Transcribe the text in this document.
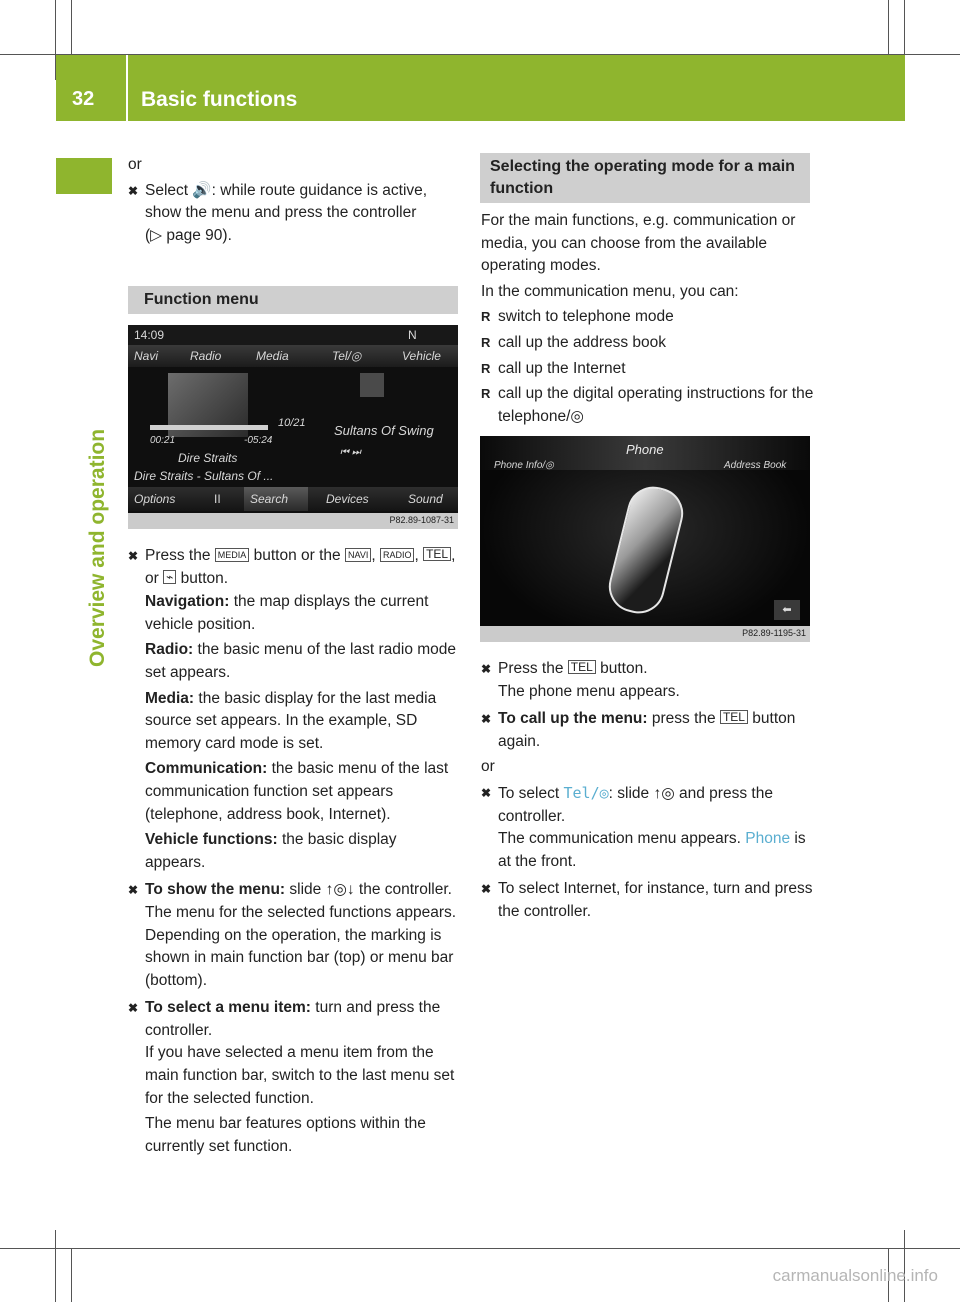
32 Basic functions
Overview and operation

or

✖ Select 🔊: while route guidance is active, show the menu and press the controller
(▷ page 90).
Function menu
14:09	N
Navi	Radio	Media	Tel/◎	Vehicle
10/21
00:21	-05:24
Sultans Of Swing
Dire Straits	⏮ ⏭
Dire Straits - Sultans Of ...
Options	II Search	Devices	Sound
P82.89-1087-31
✖ Press the MEDIA button or the NAVI , RADIO , TEL , or ⌁ button.

Navigation: the map displays the current vehicle position.

Radio: the basic menu of the last radio mode set appears.

Media: the basic display for the last media source set appears. In the example, SD memory card mode is set.

Communication: the basic menu of the last communication function set appears (telephone, address book, Internet).

Vehicle functions: the basic display appears.

✖ To show the menu: slide ↑◎↓ the controller.

The menu for the selected functions appears. Depending on the operation, the marking is shown in main function bar (top) or menu bar (bottom).

✖ To select a menu item: turn and press the controller.

If you have selected a menu item from the main function bar, switch to the last menu set for the selected function.

The menu bar features options within the currently set function.

Selecting the operating mode for a main function

For the main functions, e.g. communication or media, you can choose from the available operating modes.

In the communication menu, you can:

R switch to telephone mode
R call up the address book
R call up the Internet
R call up the digital operating instructions for the telephone/◎
Phone
Phone Info/◎	Address Book
⬅
P82.89-1195-31
✖ Press the TEL button.

The phone menu appears.

✖ To call up the menu: press the TEL button again.

or

✖ To select Tel/◎: slide ↑◎ and press the controller.

The communication menu appears. Phone is at the front.

✖ To select Internet, for instance, turn and press the controller.
carmanualsonline.info
